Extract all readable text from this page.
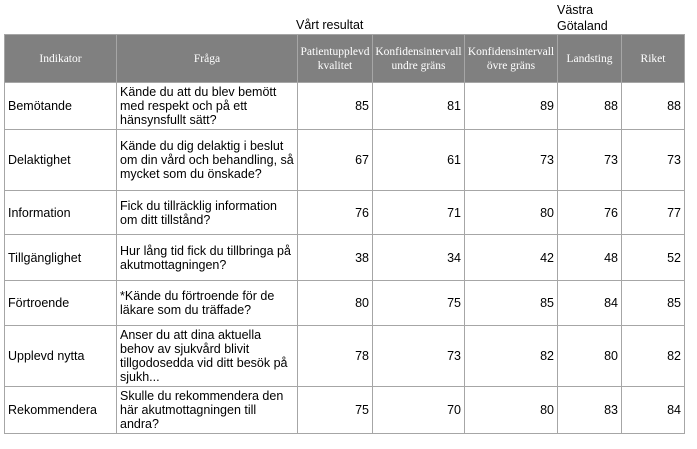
Vårt resultat
Västra
Götaland
Indikator	Fråga	Patientupplevd kvalitet	Konfidensintervall undre gräns	Konfidensintervall övre gräns	Landsting	Riket
Bemötande	Kände du att du blev bemött med respekt och på ett hänsynsfullt sätt?	85	81	89	88	88
Delaktighet	Kände du dig delaktig i beslut om din vård och behandling, så mycket som du önskade?	67	61	73	73	73
Information	Fick du tillräcklig information om ditt tillstånd?	76	71	80	76	77
Tillgänglighet	Hur lång tid fick du tillbringa på akutmottagningen?	38	34	42	48	52
Förtroende	*Kände du förtroende för de läkare som du träffade?	80	75	85	84	85
Upplevd nytta	Anser du att dina aktuella behov av sjukvård blivit tillgodosedda vid ditt besök på sjukh...	78	73	82	80	82
Rekommendera	Skulle du rekommendera den här akutmottagningen till andra?	75	70	80	83	84
